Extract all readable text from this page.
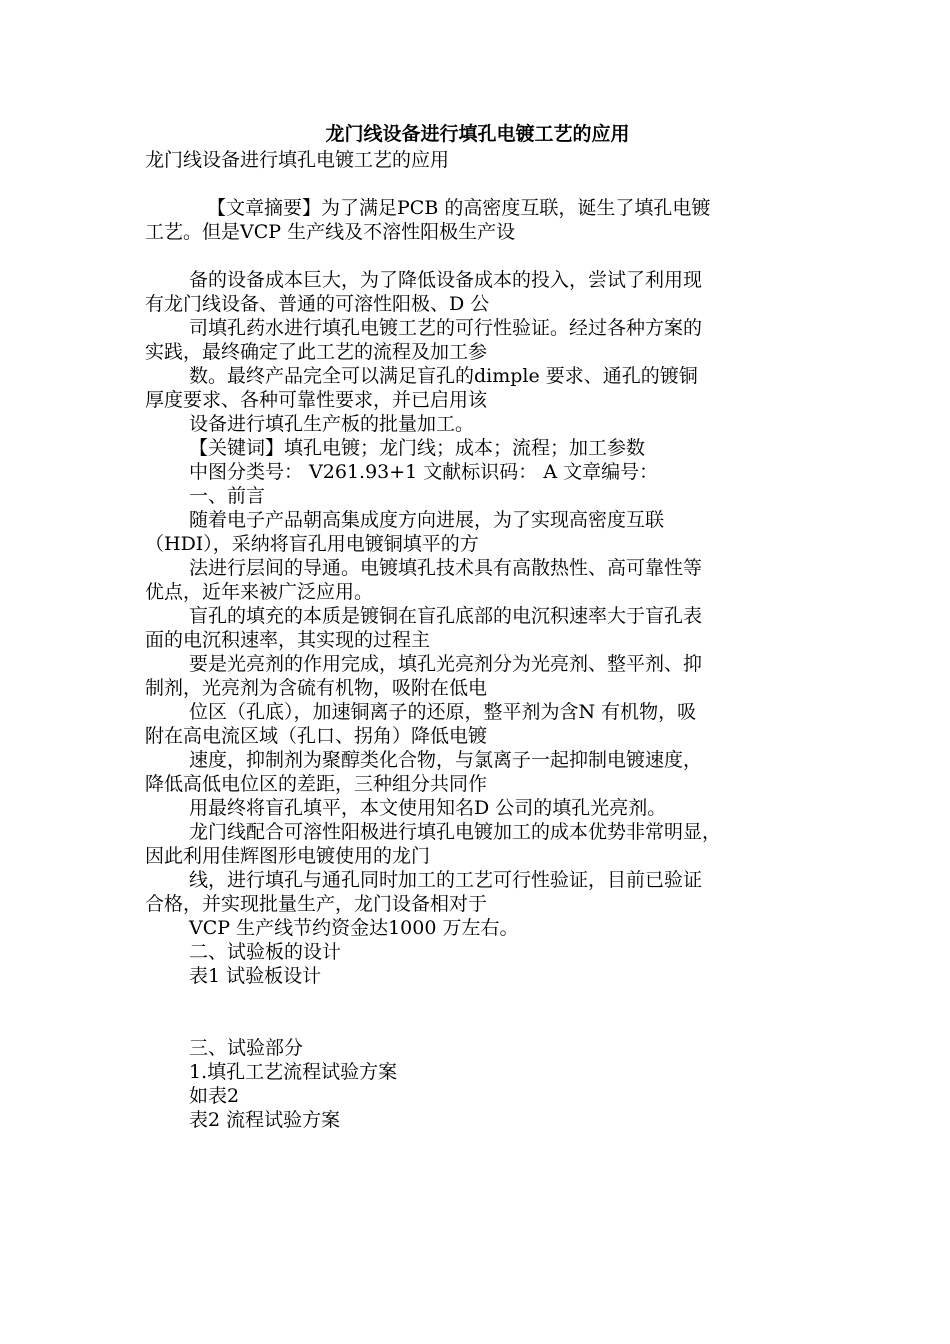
龙门线设备进行填孔电镀工艺的应用
龙门线设备进行填孔电镀工艺的应用
【文章摘要】为了满足PCB 的高密度互联，诞生了填孔电镀
工艺。但是VCP 生产线及不溶性阳极生产设
备的设备成本巨大，为了降低设备成本的投入，尝试了利用现
有龙门线设备、普通的可溶性阳极、D 公
司填孔药水进行填孔电镀工艺的可行性验证。经过各种方案的
实践，最终确定了此工艺的流程及加工参
数。最终产品完全可以满足盲孔的dimple 要求、通孔的镀铜
厚度要求、各种可靠性要求，并已启用该
设备进行填孔生产板的批量加工。
【关键词】填孔电镀；龙门线；成本；流程；加工参数
中图分类号： V261.93+1 文献标识码： A 文章编号：
一、前言
随着电子产品朝高集成度方向进展，为了实现高密度互联
（HDI），采纳将盲孔用电镀铜填平的方
法进行层间的导通。电镀填孔技术具有高散热性、高可靠性等
优点，近年来被广泛应用。
盲孔的填充的本质是镀铜在盲孔底部的电沉积速率大于盲孔表
面的电沉积速率，其实现的过程主
要是光亮剂的作用完成，填孔光亮剂分为光亮剂、整平剂、抑
制剂，光亮剂为含硫有机物，吸附在低电
位区（孔底），加速铜离子的还原，整平剂为含N 有机物，吸
附在高电流区域（孔口、拐角）降低电镀
速度，抑制剂为聚醇类化合物，与氯离子一起抑制电镀速度，
降低高低电位区的差距，三种组分共同作
用最终将盲孔填平，本文使用知名D 公司的填孔光亮剂。
龙门线配合可溶性阳极进行填孔电镀加工的成本优势非常明显，
因此利用佳辉图形电镀使用的龙门
线，进行填孔与通孔同时加工的工艺可行性验证，目前已验证
合格，并实现批量生产，龙门设备相对于
VCP 生产线节约资金达1000 万左右。
二、试验板的设计
表1 试验板设计
三、试验部分
1.填孔工艺流程试验方案
如表2
表2 流程试验方案
